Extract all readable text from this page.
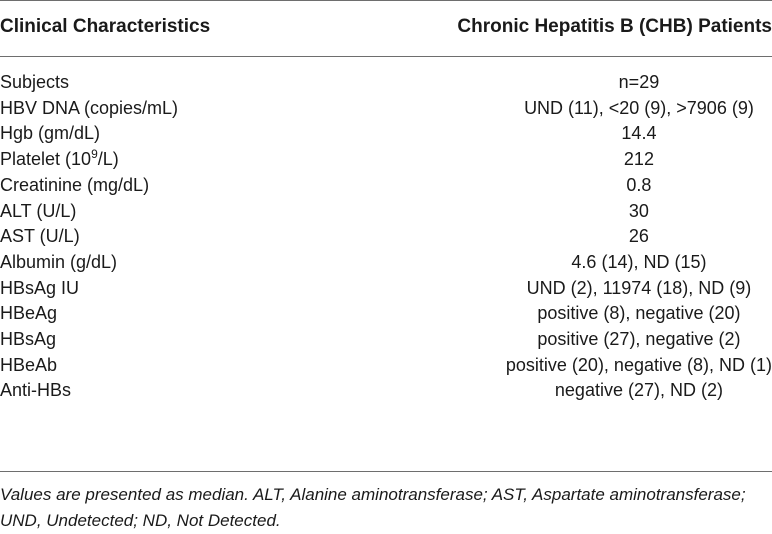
Clinical Characteristics	Chronic Hepatitis B (CHB) Patients
Subjects	n=29
HBV DNA (copies/mL)	UND (11), <20 (9), >7906 (9)
Hgb (gm/dL)	14.4
Platelet $(10^9/L)$	212
Creatinine (mg/dL)	0.8
ALT (U/L)	30
AST (U/L)	26
Albumin (g/dL)	4.6 (14), ND (15)
HBsAg IU	UND (2), 11974 (18), ND (9)
HBeAg	positive (8), negative (20)
HBsAg	positive (27), negative (2)
HBeAb	positive (20), negative (8), ND (1)
Anti-HBs	negative (27), ND (2)
Values are presented as median. ALT, Alanine aminotransferase; AST, Aspartate aminotransferase; UND, Undetected; ND, Not Detected.
